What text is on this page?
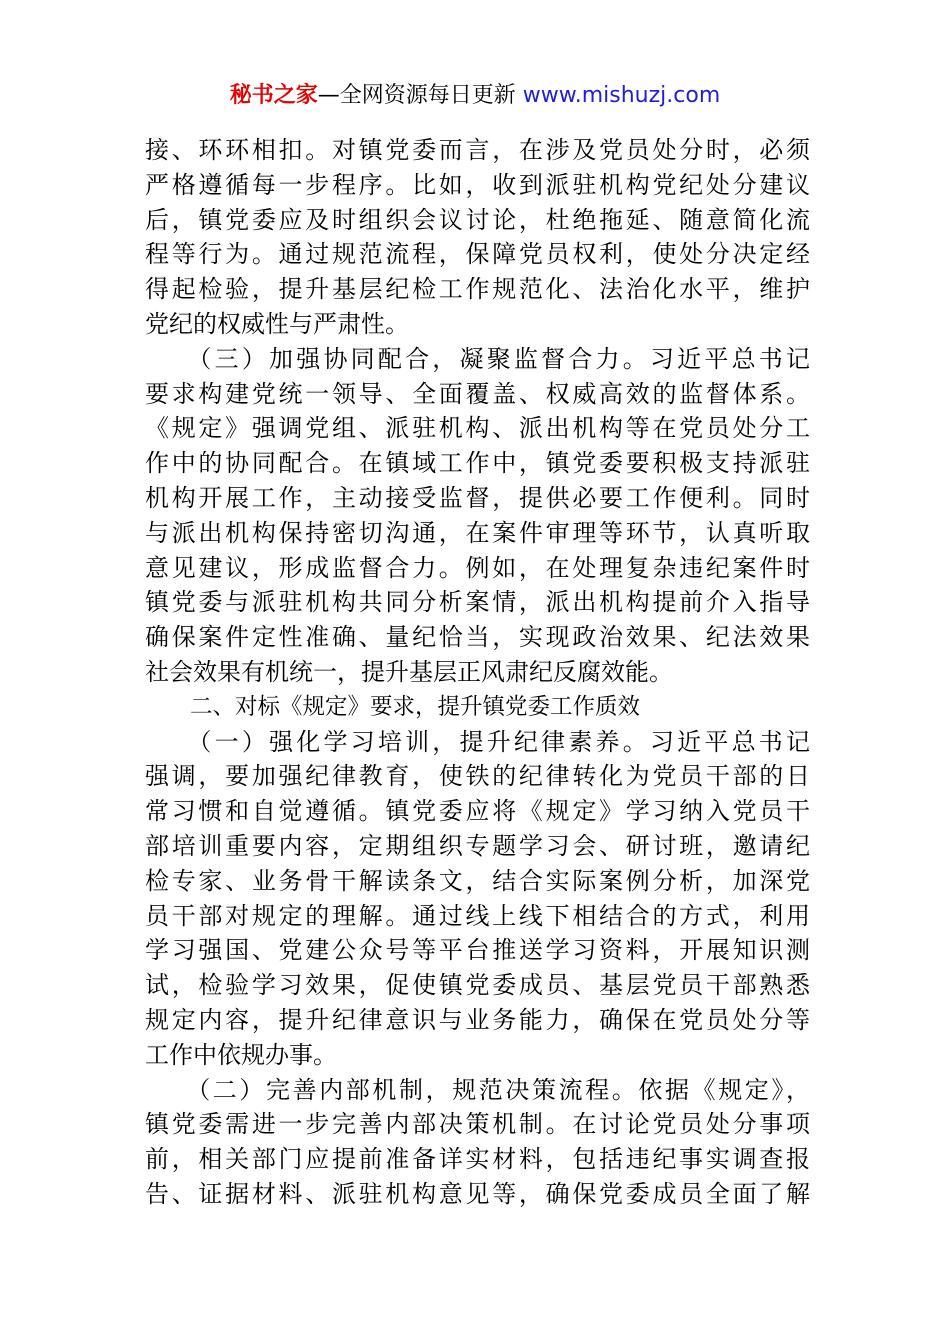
秘书之家—全网资源每日更新 www.mishuzj.com
接、环环相扣。对镇党委而言，在涉及党员处分时，必须
严格遵循每一步程序。比如，收到派驻机构党纪处分建议
后，镇党委应及时组织会议讨论，杜绝拖延、随意简化流
程等行为。通过规范流程，保障党员权利，使处分决定经
得起检验，提升基层纪检工作规范化、法治化水平，维护
党纪的权威性与严肃性。
　　（三）加强协同配合，凝聚监督合力。习近平总书记
要求构建党统一领导、全面覆盖、权威高效的监督体系。
《规定》强调党组、派驻机构、派出机构等在党员处分工
作中的协同配合。在镇域工作中，镇党委要积极支持派驻
机构开展工作，主动接受监督，提供必要工作便利。同时
与派出机构保持密切沟通，在案件审理等环节，认真听取
意见建议，形成监督合力。例如，在处理复杂违纪案件时
镇党委与派驻机构共同分析案情，派出机构提前介入指导
确保案件定性准确、量纪恰当，实现政治效果、纪法效果
社会效果有机统一，提升基层正风肃纪反腐效能。
　　二、对标《规定》要求，提升镇党委工作质效
　　（一）强化学习培训，提升纪律素养。习近平总书记
强调，要加强纪律教育，使铁的纪律转化为党员干部的日
常习惯和自觉遵循。镇党委应将《规定》学习纳入党员干
部培训重要内容，定期组织专题学习会、研讨班，邀请纪
检专家、业务骨干解读条文，结合实际案例分析，加深党
员干部对规定的理解。通过线上线下相结合的方式，利用
学习强国、党建公众号等平台推送学习资料，开展知识测
试，检验学习效果，促使镇党委成员、基层党员干部熟悉
规定内容，提升纪律意识与业务能力，确保在党员处分等
工作中依规办事。
　　（二）完善内部机制，规范决策流程。依据《规定》，
镇党委需进一步完善内部决策机制。在讨论党员处分事项
前，相关部门应提前准备详实材料，包括违纪事实调查报
告、证据材料、派驻机构意见等，确保党委成员全面了解
